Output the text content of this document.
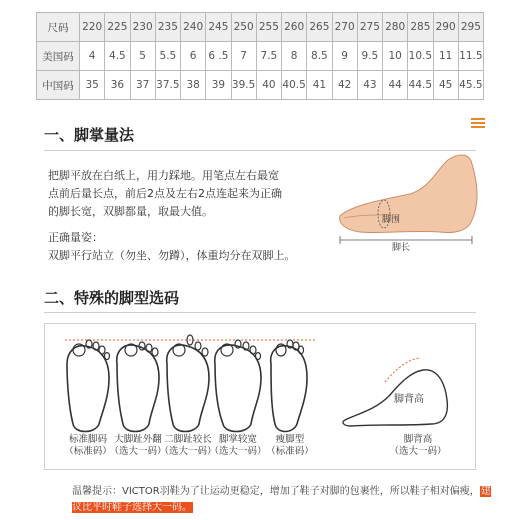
尺码	220	225	230	235	240	245	250	255	260	265	270	275	280	285	290	295
美国码	4	4.5	5	5.5	6	6 .5	7	7.5	8	8.5	9	9.5	10	10.5	11	11.5
中国码	35	36	37	37.5	38	39	39.5	40	40.5	41	42	43	44	44.5	45	45.5
一、脚掌量法
把脚平放在白纸上，用力踩地。用笔点左右最宽点前后量长点，前后2点及左右2点连起来为正确的脚长宽，双脚都量，取最大值。
正确量姿：
双脚平行站立（勿坐、勿蹲），体重均分在双脚上。
脚围
脚长
二、特殊的脚型选码
标准脚码
（标准码）
大脚趾外翻
（选大一码）
二脚趾较长
（选大一码）
脚掌较宽
（选大一码）
瘦脚型
（标准码）
脚背高
（选大一码）
脚背高
温馨提示：VICTOR羽鞋为了让运动更稳定，增加了鞋子对脚的包裹性，所以鞋子相对偏瘦，建议比平时鞋子选择大一码。
